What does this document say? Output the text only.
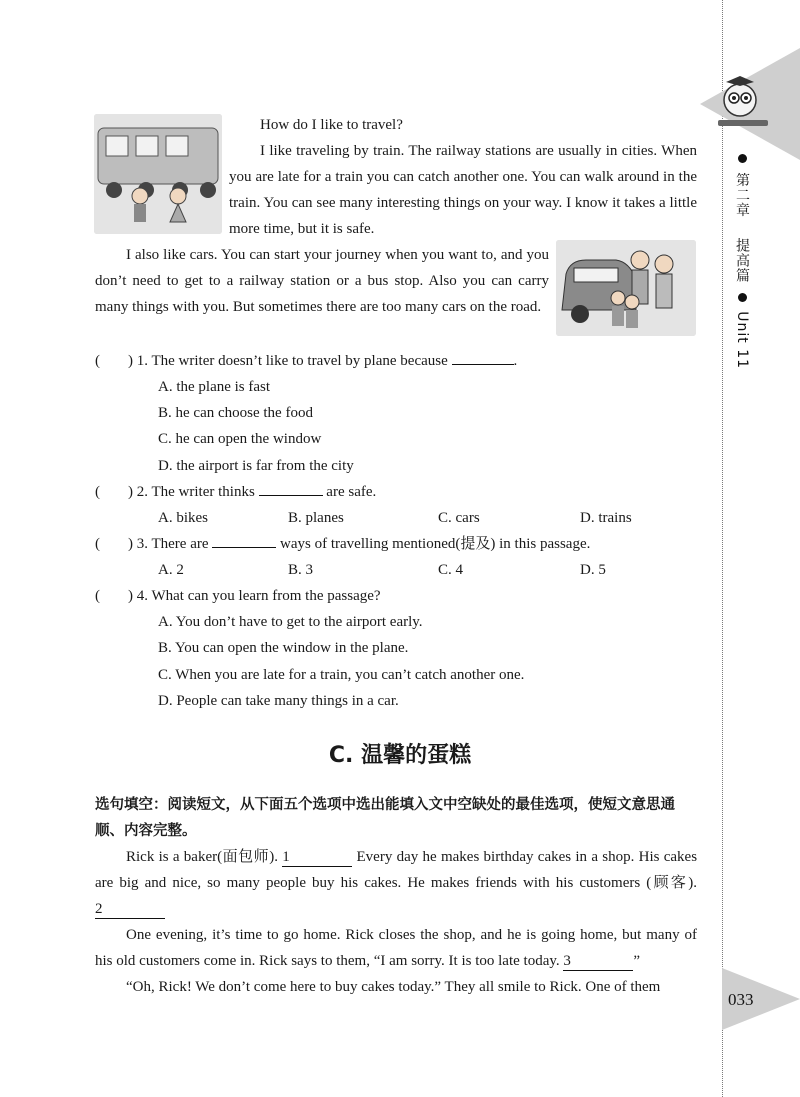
第二章  提高篇  Unit 11
033

How do I like to travel?

I like traveling by train. The railway stations are usually in cities. When you are late for a train you can catch another one. You can walk around in the train. You can see many interesting things on your way. I know it takes a little more time, but it is safe.

I also like cars. You can start your journey when you want to, and you don’t need to get to a railway station or a bus stop. Also you can carry many things with you. But sometimes there are too many cars on the road.

( ) 1. The writer doesn’t like to travel by plane because	.
A. the plane is fast
B. he can choose the food
C. he can open the window
D. the airport is far from the city
( ) 2. The writer thinks	are safe.
A. bikes	B. planes	C. cars	D. trains
( ) 3. There are	ways of travelling mentioned(提及) in this passage.
A. 2	B. 3	C. 4	D. 5
( ) 4. What can you learn from the passage?
A. You don’t have to get to the airport early.
B. You can open the window in the plane.
C. When you are late for a train, you can’t catch another one.
D. People can take many things in a car.
C. 温馨的蛋糕
选句填空：阅读短文，从下面五个选项中选出能填入文中空缺处的最佳选项，使短文意思通顺、内容完整。

Rick is a baker(面包师). 1	Every day he makes birthday cakes in a shop. His cakes are big and nice, so many people buy his cakes. He makes friends with his customers (顾客). 2

One evening, it’s time to go home. Rick closes the shop, and he is going home, but many of his old customers come in. Rick says to them, “I am sorry. It is too late today. 3	”

“Oh, Rick! We don’t come here to buy cakes today.” They all smile to Rick. One of them
